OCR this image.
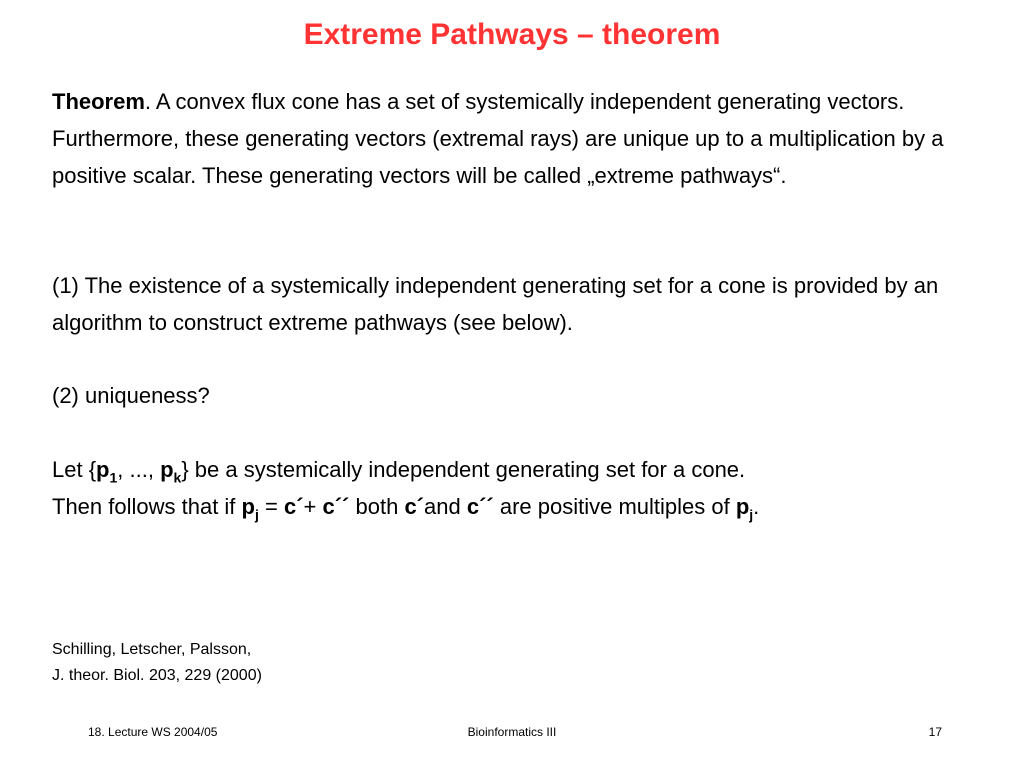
Extreme Pathways – theorem

Theorem. A convex flux cone has a set of systemically independent generating vectors. Furthermore, these generating vectors (extremal rays) are unique up to a multiplication by a positive scalar. These generating vectors will be called „extreme pathways“.

(1) The existence of a systemically independent generating set for a cone is provided by an algorithm to construct extreme pathways (see below).

(2) uniqueness?

Let {$p_1$, ..., $p_k$} be a systemically independent generating set for a cone.
Then follows that if $p_j$ = c´+ c´´ both c´and c´´ are positive multiples of $p_j$.

Schilling, Letscher, Palsson,
J. theor. Biol. 203, 229 (2000)
18. Lecture WS 2004/05	Bioinformatics III	17
